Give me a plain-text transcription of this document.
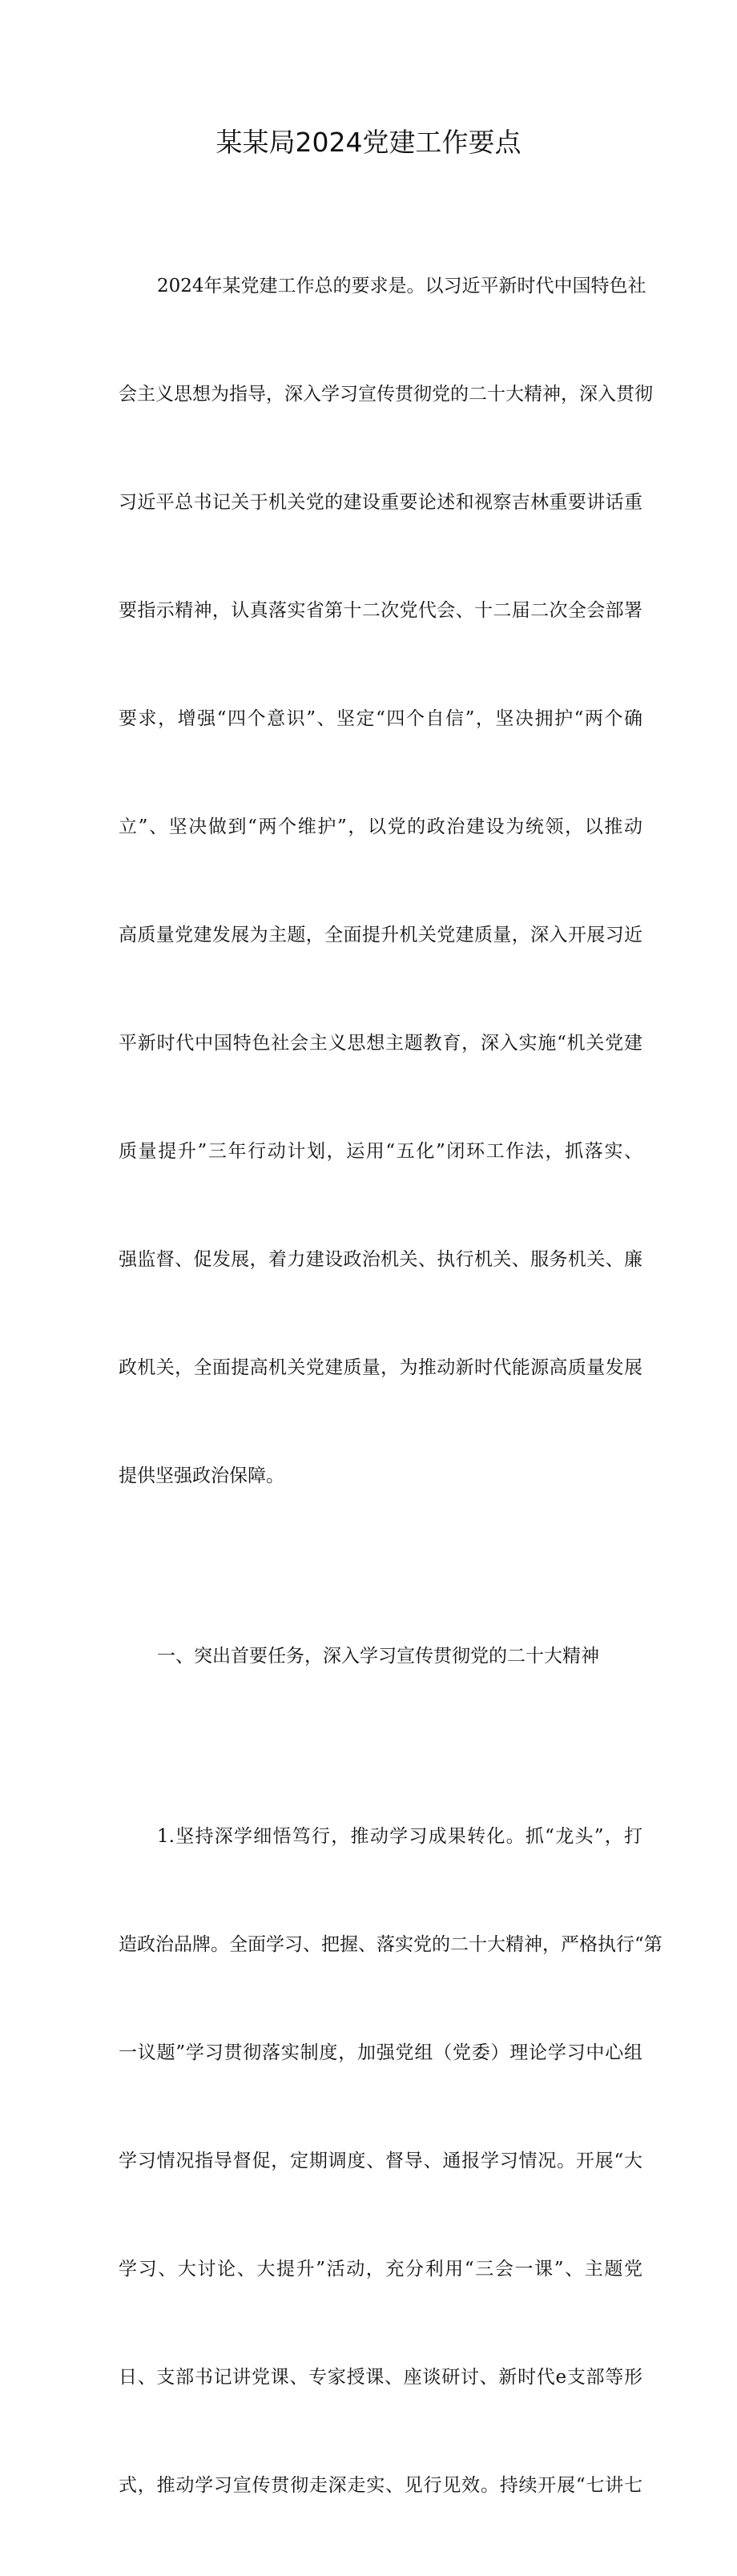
某某局2024党建工作要点

2024年某党建工作总的要求是。以习近平新时代中国特色社

会主义思想为指导，深入学习宣传贯彻党的二十大精神，深入贯彻

习近平总书记关于机关党的建设重要论述和视察吉林重要讲话重

要指示精神，认真落实省第十二次党代会、十二届二次全会部署

要求，增强“四个意识”、坚定“四个自信”，坚决拥护“两个确

立”、坚决做到“两个维护”，以党的政治建设为统领，以推动

高质量党建发展为主题，全面提升机关党建质量，深入开展习近

平新时代中国特色社会主义思想主题教育，深入实施“机关党建

质量提升”三年行动计划，运用“五化”闭环工作法，抓落实、

强监督、促发展，着力建设政治机关、执行机关、服务机关、廉

政机关，全面提高机关党建质量，为推动新时代能源高质量发展

提供坚强政治保障。

一、突出首要任务，深入学习宣传贯彻党的二十大精神

1.坚持深学细悟笃行，推动学习成果转化。抓“龙头”，打

造政治品牌。全面学习、把握、落实党的二十大精神，严格执行“第

一议题”学习贯彻落实制度，加强党组（党委）理论学习中心组

学习情况指导督促，定期调度、督导、通报学习情况。开展“大

学习、大讨论、大提升”活动，充分利用“三会一课”、主题党

日、支部书记讲党课、专家授课、座谈研讨、新时代e支部等形

式，推动学习宣传贯彻走深走实、见行见效。持续开展“七讲七
